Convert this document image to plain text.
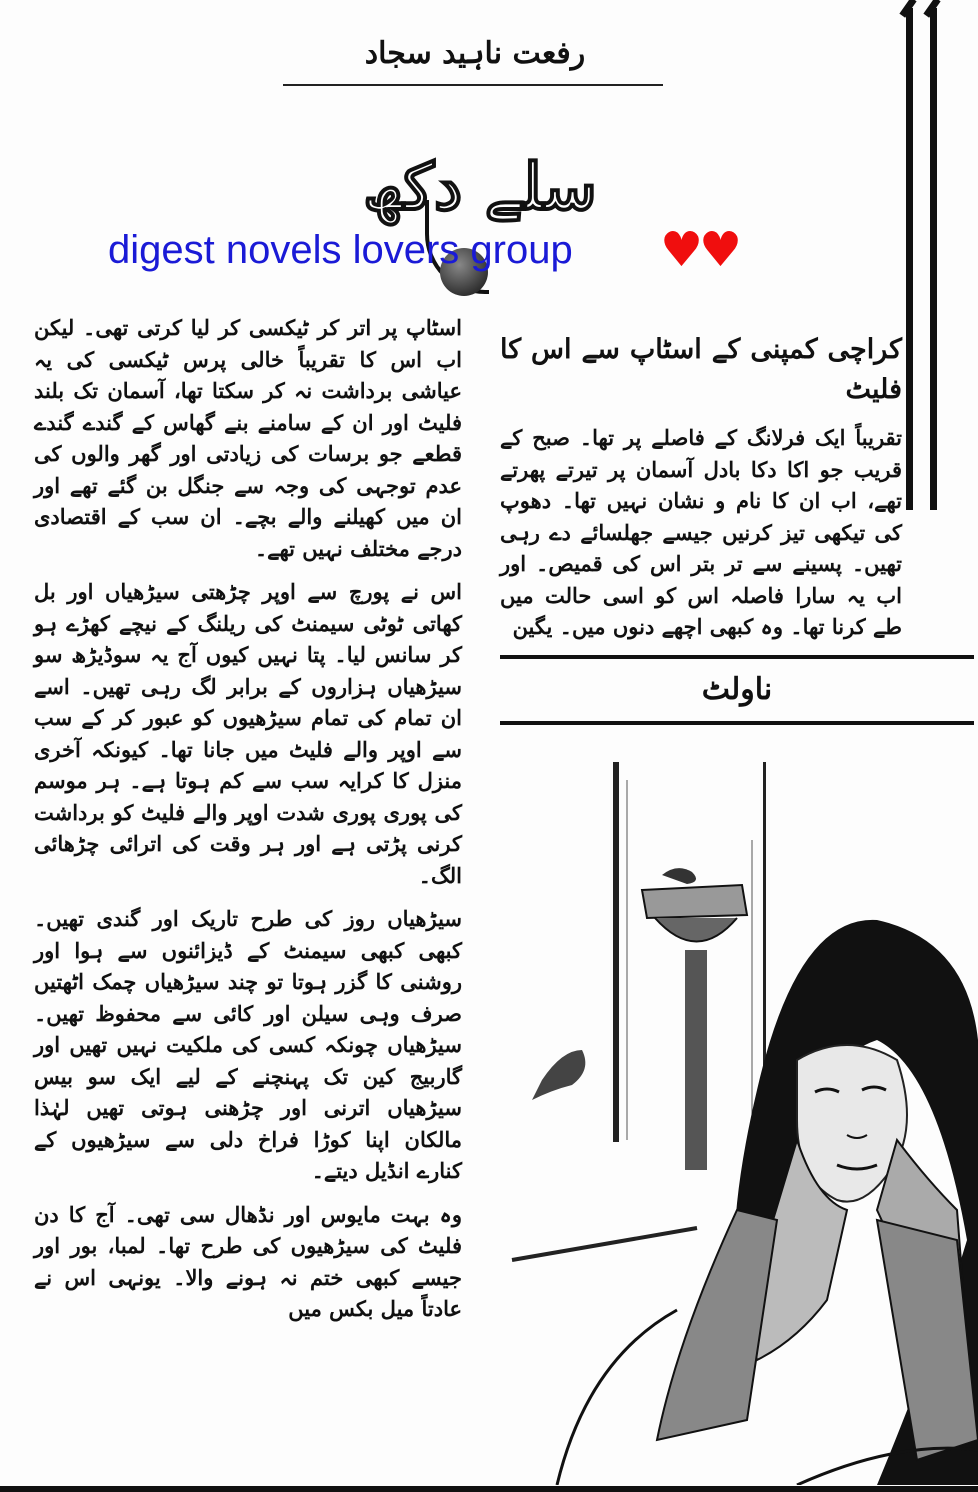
رفعت ناہید سجاد
سلے دکھ
digest novels lovers group ♥♥

کراچی کمپنی کے اسٹاپ سے اس کا فلیٹ

تقریباً ایک فرلانگ کے فاصلے پر تھا۔ صبح کے قریب جو اکا دکا بادل آسمان پر تیرتے پھرتے تھے، اب ان کا نام و نشان نہیں تھا۔ دھوپ کی تیکھی تیز کرنیں جیسے جھلسائے دے رہی تھیں۔ پسینے سے تر بتر اس کی قمیص۔ اور اب یہ سارا فاصلہ اس کو اسی حالت میں طے کرنا تھا۔ وہ کبھی اچھے دنوں میں۔ یگین

ناولٹ

اسٹاپ پر اتر کر ٹیکسی کر لیا کرتی تھی۔ لیکن اب اس کا تقریباً خالی پرس ٹیکسی کی یہ عیاشی برداشت نہ کر سکتا تھا، آسمان تک بلند فلیٹ اور ان کے سامنے بنے گھاس کے گندے گندے قطعے جو برسات کی زیادتی اور گھر والوں کی عدم توجہی کی وجہ سے جنگل بن گئے تھے اور ان میں کھیلنے والے بچے۔ ان سب کے اقتصادی درجے مختلف نہیں تھے۔

اس نے پورچ سے اوپر چڑھتی سیڑھیاں اور بل کھاتی ٹوٹی سیمنٹ کی ریلنگ کے نیچے کھڑے ہو کر سانس لیا۔ پتا نہیں کیوں آج یہ سوڈیڑھ سو سیڑھیاں ہزاروں کے برابر لگ رہی تھیں۔ اسے ان تمام کی تمام سیڑھیوں کو عبور کر کے سب سے اوپر والے فلیٹ میں جانا تھا۔ کیونکہ آخری منزل کا کرایہ سب سے کم ہوتا ہے۔ ہر موسم کی پوری پوری شدت اوپر والے فلیٹ کو برداشت کرنی پڑتی ہے اور ہر وقت کی اترائی چڑھائی الگ۔

سیڑھیاں روز کی طرح تاریک اور گندی تھیں۔ کبھی کبھی سیمنٹ کے ڈیزائنوں سے ہوا اور روشنی کا گزر ہوتا تو چند سیڑھیاں چمک اٹھتیں صرف وہی سیلن اور کائی سے محفوظ تھیں۔ سیڑھیاں چونکہ کسی کی ملکیت نہیں تھیں اور گاربیج کین تک پہنچنے کے لیے ایک سو بیس سیڑھیاں اترنی اور چڑھنی ہوتی تھیں لہٰذا مالکان اپنا کوڑا فراخ دلی سے سیڑھیوں کے کنارے انڈیل دیتے۔

وہ بہت مایوس اور نڈھال سی تھی۔ آج کا دن فلیٹ کی سیڑھیوں کی طرح تھا۔ لمبا، بور اور جیسے کبھی ختم نہ ہونے والا۔ یونہی اس نے عادتاً میل بکس میں
